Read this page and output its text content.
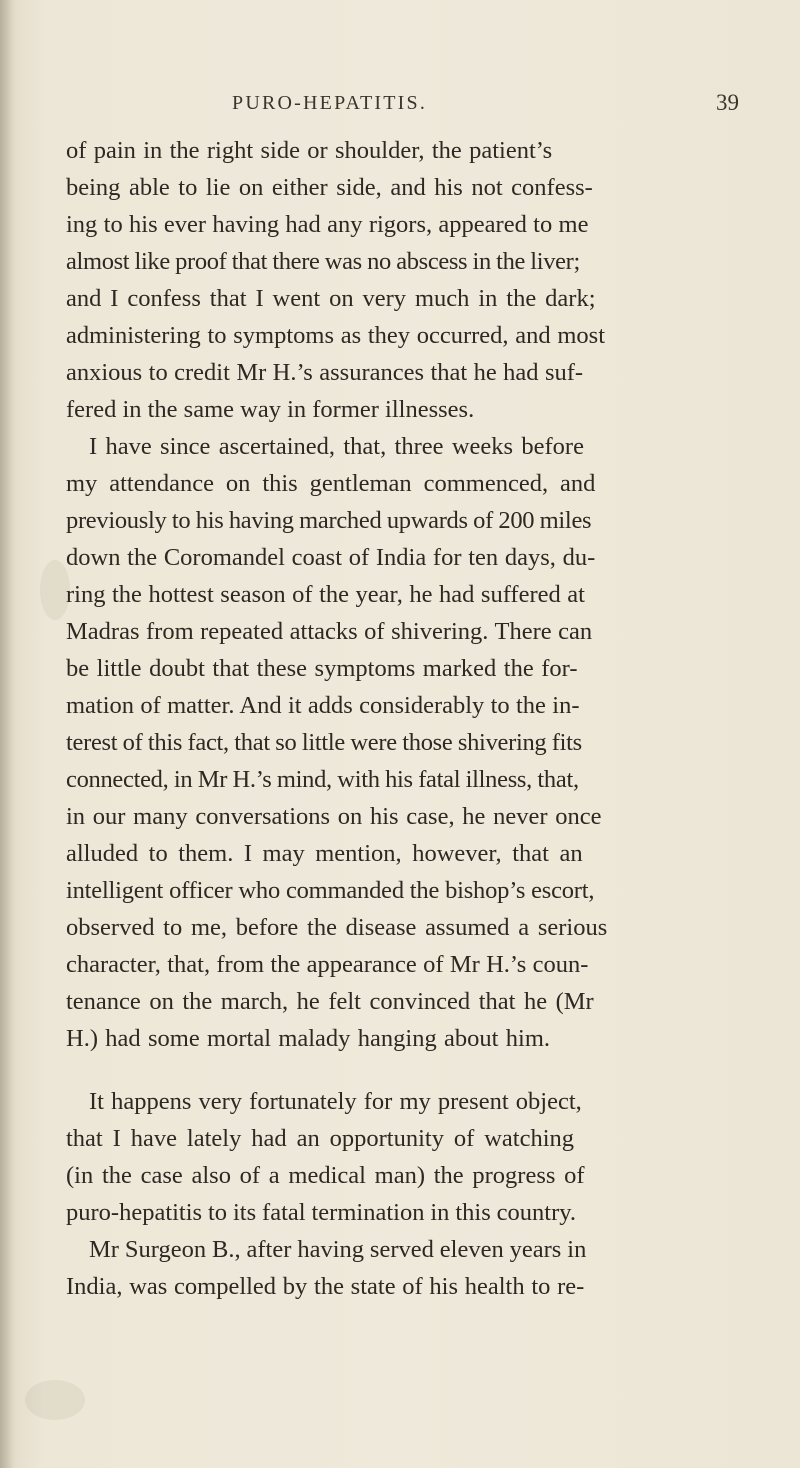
PURO-HEPATITIS.	39
of pain in the right side or shoulder, the patient’s
being able to lie on either side, and his not confess-
ing to his ever having had any rigors, appeared to me
almost like proof that there was no abscess in the liver;
and I confess that I went on very much in the dark;
administering to symptoms as they occurred, and most
anxious to credit Mr H.’s assurances that he had suf-
fered in the same way in former illnesses.
I have since ascertained, that, three weeks before
my attendance on this gentleman commenced, and
previously to his having marched upwards of 200 miles
down the Coromandel coast of India for ten days, du-
ring the hottest season of the year, he had suffered at
Madras from repeated attacks of shivering. There can
be little doubt that these symptoms marked the for-
mation of matter. And it adds considerably to the in-
terest of this fact, that so little were those shivering fits
connected, in Mr H.’s mind, with his fatal illness, that,
in our many conversations on his case, he never once
alluded to them. I may mention, however, that an
intelligent officer who commanded the bishop’s escort,
observed to me, before the disease assumed a serious
character, that, from the appearance of Mr H.’s coun-
tenance on the march, he felt convinced that he (Mr
H.) had some mortal malady hanging about him.
It happens very fortunately for my present object,
that I have lately had an opportunity of watching
(in the case also of a medical man) the progress of
puro-hepatitis to its fatal termination in this country.
Mr Surgeon B., after having served eleven years in
India, was compelled by the state of his health to re-
